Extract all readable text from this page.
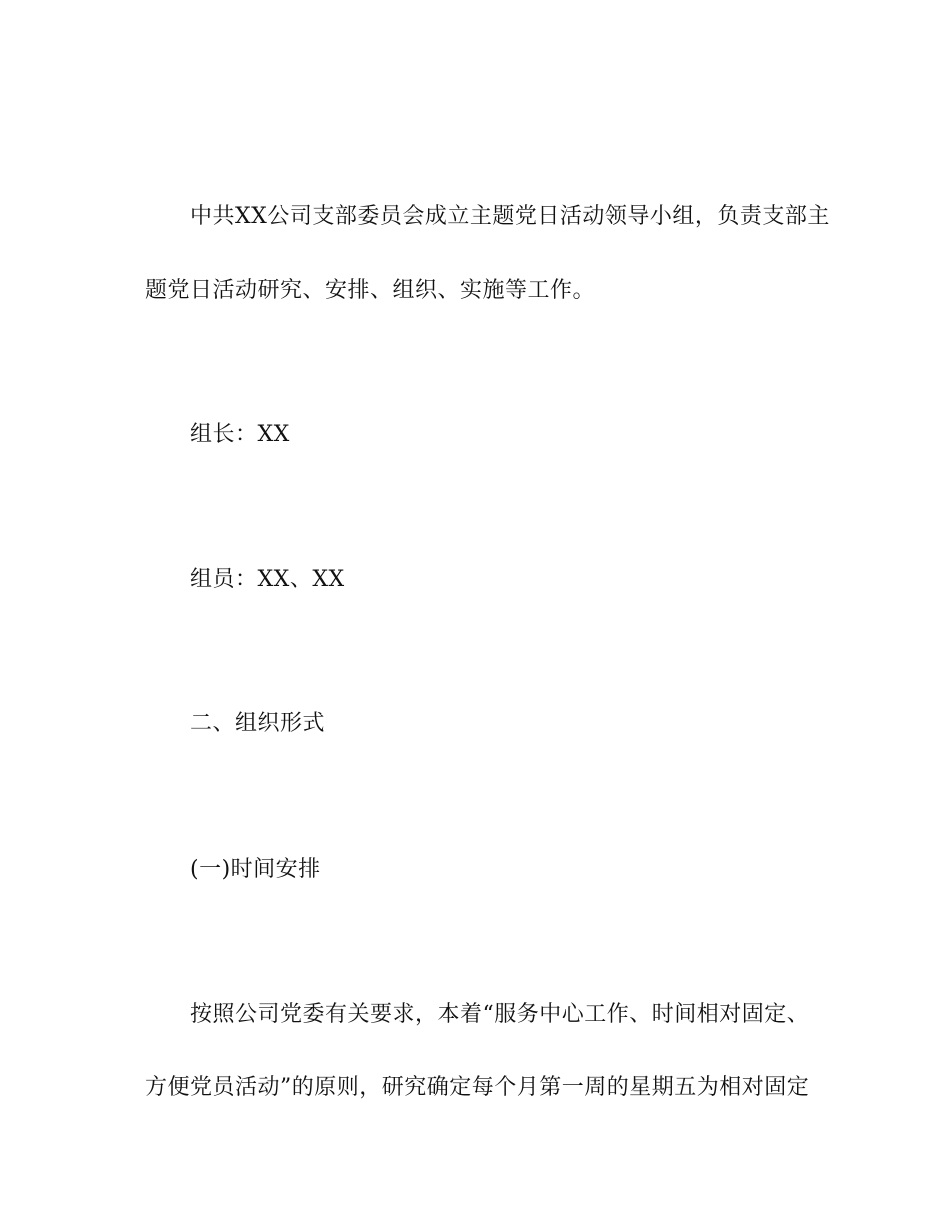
中共XX公司支部委员会成立主题党日活动领导小组，负责支部主
题党日活动研究、安排、组织、实施等工作。
组长：XX
组员：XX、XX
二、组织形式
(一)时间安排
按照公司党委有关要求，本着“服务中心工作、时间相对固定、
方便党员活动”的原则，研究确定每个月第一周的星期五为相对固定
